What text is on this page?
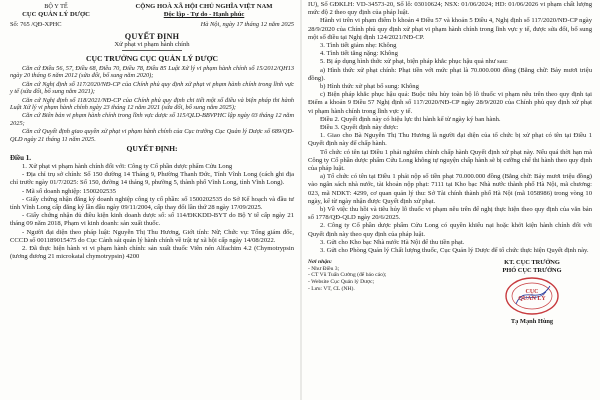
BỘ Y TẾ
CỤC QUẢN LÝ DƯỢC
CỘNG HOÀ XÃ HỘI CHỦ NGHĨA VIỆT NAM
Độc lập - Tự do - Hạnh phúc
Số: 765 /QĐ-XPHC	Hà Nội, ngày 17 tháng 12 năm 2025
QUYẾT ĐỊNH
Xử phạt vi phạm hành chính
CỤC TRƯỞNG CỤC QUẢN LÝ DƯỢC

Căn cứ Điều 56, 57, Điều 68, Điều 70, Điều 78, Điều 85 Luật Xử lý vi phạm hành chính số 15/2012/QH13 ngày 20 tháng 6 năm 2012 (sửa đổi, bổ sung năm 2020);

Căn cứ Nghị định số 117/2020/NĐ-CP của Chính phủ quy định xử phạt vi phạm hành chính trong lĩnh vực y tế (sửa đổi, bổ sung năm 2021);

Căn cứ Nghị định số 118/2021/NĐ-CP của Chính phủ quy định chi tiết một số điều và biện pháp thi hành Luật Xử lý vi phạm hành chính ngày 23 tháng 12 năm 2021 (sửa đổi, bổ sung năm 2025);

Căn cứ Biên bản vi phạm hành chính trong lĩnh vực dược số 115/QLD-BBVPHC lập ngày 03 tháng 12 năm 2025;

Căn cứ Quyết định giao quyền xử phạt vi phạm hành chính của Cục trưởng Cục Quản lý Dược số 689/QĐ-QLD ngày 21 tháng 11 năm 2025.

QUYẾT ĐỊNH:
Điều 1.

1. Xử phạt vi phạm hành chính đối với: Công ty Cổ phần dược phẩm Cửu Long

- Địa chỉ trụ sở chính: Số 150 đường 14 Tháng 9, Phường Thanh Đức, Tỉnh Vĩnh Long (cách ghi địa chỉ trước ngày 01/7/2025: Số 150, đường 14 tháng 9, phường 5, thành phố Vĩnh Long, tỉnh Vĩnh Long).

- Mã số doanh nghiệp: 1500202535

- Giấy chứng nhận đăng ký doanh nghiệp công ty cổ phần: số 1500202535 do Sở Kế hoạch và đầu tư tỉnh Vĩnh Long cấp đăng ký lần đầu ngày 09/11/2004, cấp thay đổi lần thứ 28 ngày 17/09/2025.

- Giấy chứng nhận đủ điều kiện kinh doanh dược số: số 114/ĐKKDD-BYT do Bộ Y tế cấp ngày 21 tháng 09 năm 2018, Phạm vi kinh doanh: sản xuất thuốc.

- Người đại diện theo pháp luật: Nguyễn Thị Thu Hương, Giới tính: Nữ; Chức vụ: Tổng giám đốc, CCCD số 001189015475 do Cục Cảnh sát quản lý hành chính về trật tự xã hội cấp ngày 14/08/2022.

2. Đã thực hiện hành vi vi phạm hành chính: sản xuất thuốc Viên nén Alfachim 4.2 (Chymotrypsin (tương đương 21 microkatal chymotrypsin) 4200

IU), Số GĐKLH: VD-34573-20, Số lô: 03010624; NSX: 01/06/2024; HD: 01/06/2026 vi phạm chất lượng mức độ 2 theo quy định của pháp luật.

Hành vi trên vi phạm điểm b khoản 4 Điều 57 và khoản 5 Điều 4, Nghị định số 117/2020/NĐ-CP ngày 28/9/2020 của Chính phủ quy định xử phạt vi phạm hành chính trong lĩnh vực y tế, được sửa đổi, bổ sung một số điều tại Nghị định 124/2021/NĐ-CP.

3. Tình tiết giảm nhẹ: Không

4. Tình tiết tăng nặng: Không

5. Bị áp dụng hình thức xử phạt, biện pháp khắc phục hậu quả như sau:

a) Hình thức xử phạt chính: Phạt tiền với mức phạt là 70.000.000 đồng (Bằng chữ: Bảy mươi triệu đồng).

b) Hình thức xử phạt bổ sung: Không

c) Biện pháp khắc phục hậu quả: Buộc tiêu hủy toàn bộ lô thuốc vi phạm nêu trên theo quy định tại Điểm a khoản 9 Điều 57 Nghị định số 117/2020/NĐ-CP ngày 28/9/2020 của Chính phủ quy định xử phạt vi phạm hành chính trong lĩnh vực y tế.

Điều 2. Quyết định này có hiệu lực thi hành kể từ ngày ký ban hành.

Điều 3. Quyết định này được:

1. Giao cho Bà Nguyễn Thị Thu Hương là người đại diện của tổ chức bị xử phạt có tên tại Điều 1 Quyết định này để chấp hành.

Tổ chức có tên tại Điều 1 phải nghiêm chỉnh chấp hành Quyết định xử phạt này. Nếu quá thời hạn mà Công ty Cổ phần dược phẩm Cửu Long không tự nguyện chấp hành sẽ bị cưỡng chế thi hành theo quy định của pháp luật.

a) Tổ chức có tên tại Điều 1 phải nộp số tiền phạt 70.000.000 đồng (Bằng chữ: Bảy mươi triệu đồng) vào ngân sách nhà nước, tài khoản nộp phạt: 7111 tại Kho bạc Nhà nước thành phố Hà Nội, mã chương: 023, mã NDKT: 4299, cơ quan quản lý thu: Sở Tài chính thành phố Hà Nội (mã 1058986) trong vòng 10 ngày, kể từ ngày nhận được Quyết định xử phạt.

b) Về việc thu hồi và tiêu hủy lô thuốc vi phạm nêu trên để nghị thực hiện theo quy định của văn bản số 1778/QĐ-QLD ngày 20/6/2025.

2. Công ty Cổ phần dược phẩm Cửu Long có quyền khiếu nại hoặc khởi kiện hành chính đối với Quyết định này theo quy định của pháp luật.

3. Gửi cho Kho bạc Nhà nước Hà Nội để thu tiền phạt.

3. Gửi cho Phòng Quản lý Chất lượng thuốc, Cục Quản lý Dược để tổ chức thực hiện Quyết định này.

Nơi nhận:
- Như Điều 3;
- CT Vũ Tuấn Cường (để báo cáo);
- Website Cục Quản lý Dược;
- Lưu: VT, CL (NH).
KT. CỤC TRƯỞNG
PHÓ CỤC TRƯỞNG
CỤC
QUẢN LÝ
Tạ Mạnh Hùng
